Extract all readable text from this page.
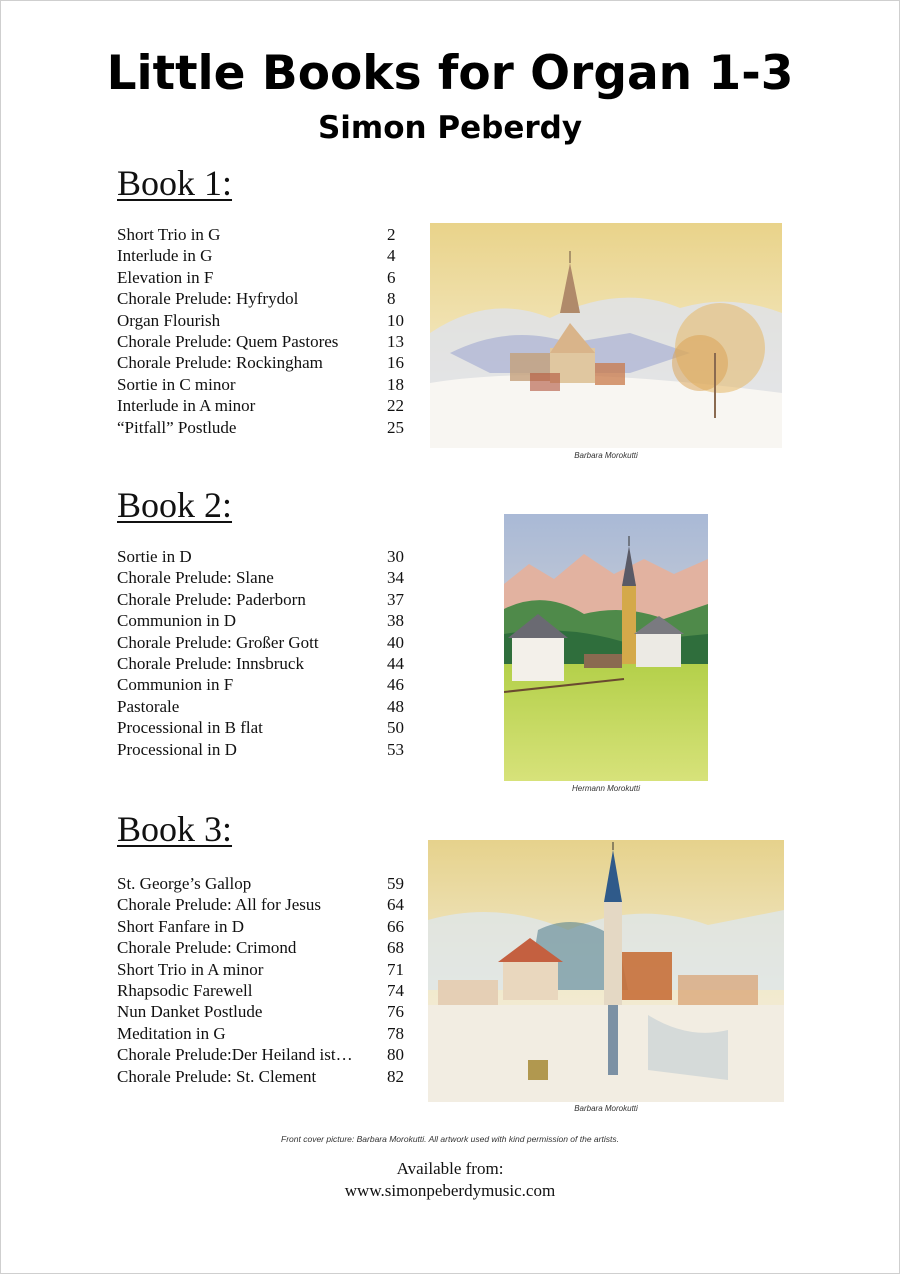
Little Books for Organ 1-3
Simon Peberdy
Book 1:
Short Trio in G	2
Interlude in G	4
Elevation in F	6
Chorale Prelude: Hyfrydol	8
Organ Flourish	10
Chorale Prelude: Quem Pastores	13
Chorale Prelude: Rockingham	16
Sortie in C minor	18
Interlude in A minor	22
“Pitfall” Postlude	25
Barbara Morokutti
Book 2:
Sortie in D	30
Chorale Prelude: Slane	34
Chorale Prelude: Paderborn	37
Communion in D	38
Chorale Prelude: Großer Gott	40
Chorale Prelude: Innsbruck	44
Communion in F	46
Pastorale	48
Processional in B flat	50
Processional in D	53
Hermann Morokutti
Book 3:
St. George’s Gallop	59
Chorale Prelude: All for Jesus	64
Short Fanfare in D	66
Chorale Prelude: Crimond	68
Short Trio in A minor	71
Rhapsodic Farewell	74
Nun Danket Postlude	76
Meditation in G	78
Chorale Prelude:Der Heiland ist… 80
Chorale Prelude: St. Clement	82
Barbara Morokutti
Front cover picture: Barbara Morokutti. All artwork used with kind permission of the artists.
Available from:
www.simonpeberdymusic.com
